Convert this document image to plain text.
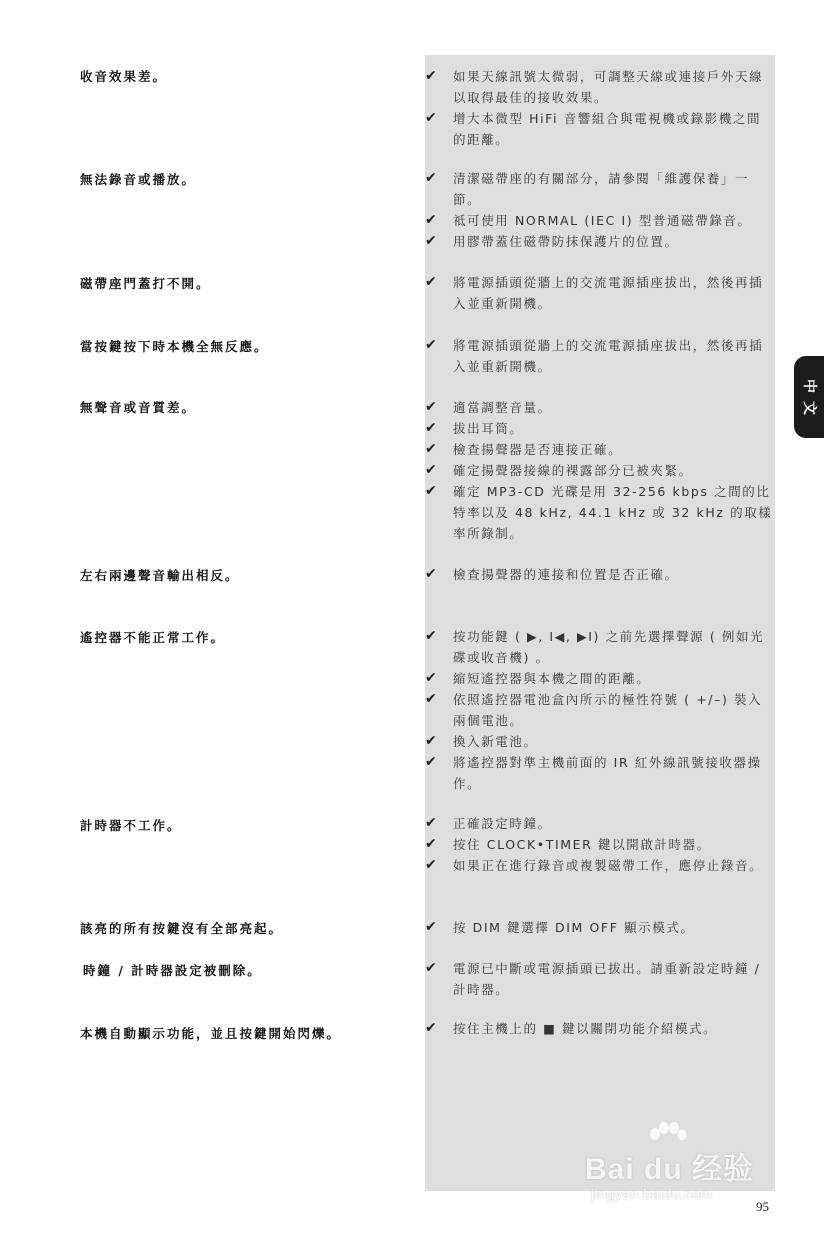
收音效果差。	✔	如果天線訊號太微弱，可調整天線或連接戶外天線以取得最佳的接收效果。

✔	增大本微型 HiFi 音響組合與電視機或錄影機之間的距離。

無法錄音或播放。	✔	清潔磁帶座的有關部分，請參閱「維護保養」一節。

✔	祗可使用 NORMAL (IEC I) 型普通磁帶錄音。

✔	用膠帶蓋住磁帶防抹保護片的位置。

磁帶座門蓋打不開。	✔	將電源插頭從牆上的交流電源插座拔出，然後再插入並重新開機。

當按鍵按下時本機全無反應。	✔	將電源插頭從牆上的交流電源插座拔出，然後再插入並重新開機。

無聲音或音質差。	✔	適當調整音量。

✔	拔出耳筒。

✔	檢查揚聲器是否連接正確。

✔	確定揚聲器接線的裸露部分已被夾緊。

✔	確定 MP3-CD 光碟是用 32-256 kbps 之間的比特率以及 48 kHz, 44.1 kHz 或 32 kHz 的取樣率所錄制。

左右兩邊聲音輸出相反。	✔	檢查揚聲器的連接和位置是否正確。

遙控器不能正常工作。	✔	按功能鍵 ( ▶, I◀, ▶I) 之前先選擇聲源 ( 例如光碟或收音機) 。

✔	縮短遙控器與本機之間的距離。

✔	依照遙控器電池盒內所示的極性符號 ( +/–) 裝入兩個電池。

✔	換入新電池。

✔	將遙控器對準主機前面的 IR 紅外線訊號接收器操作。

計時器不工作。	✔	正確設定時鐘。

✔	按住 CLOCK•TIMER 鍵以開啟計時器。

✔	如果正在進行錄音或複製磁帶工作，應停止錄音。

該亮的所有按鍵沒有全部亮起。	✔	按 DIM 鍵選擇 DIM OFF 顯示模式。

時鐘 / 計時器設定被刪除。	✔	電源已中斷或電源插頭已拔出。請重新設定時鐘 / 計時器。

本機自動顯示功能，並且按鍵開始閃爍。	✔	按住主機上的 ■ 鍵以關閉功能介紹模式。

中
文
Bai du 经验
jingyan.baidu.com
95
